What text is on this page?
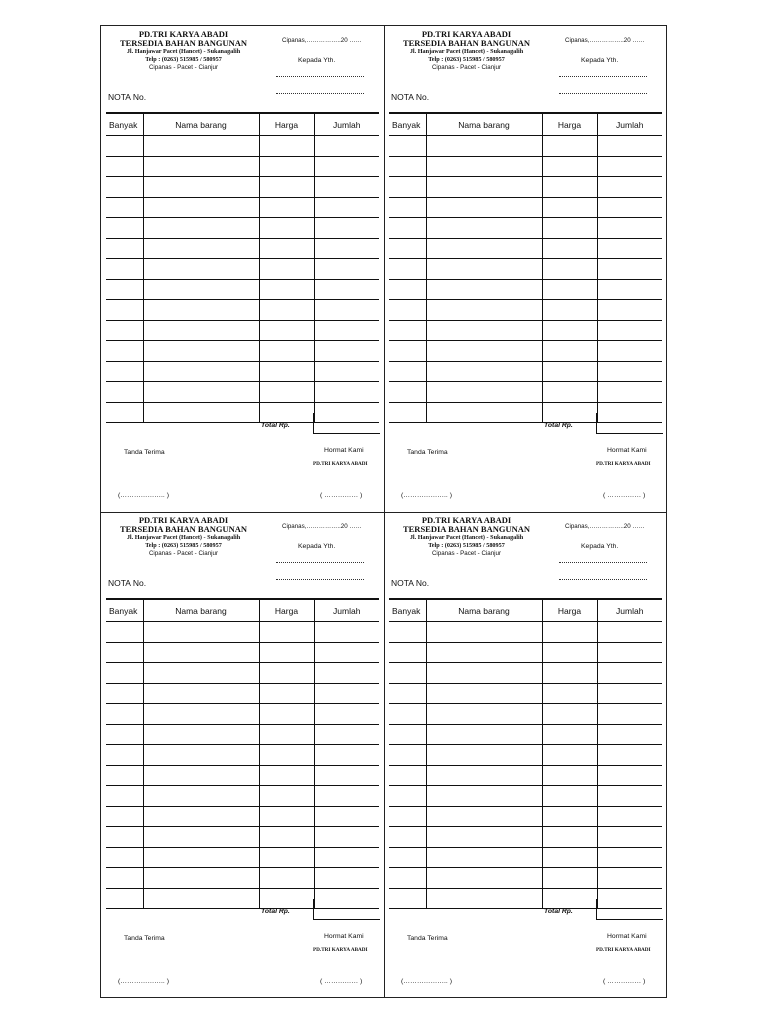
PD.TRI KARYA ABADI
TERSEDIA BAHAN BANGUNAN
Jl. Hanjawar Pacet (Hancet) - Sukanagalih
Telp : (0263) 515985 / 580957
Cipanas - Pacet - Cianjur
Cipanas,……………..20 ……
Kepada Yth.
NOTA No.
Banyak	Nama barang	Harga	Jumlah

Total Rp.
Tanda Terima	Hormat Kami
PD.TRI KARYA ABADI
(……………….. )	( …………… )
PD.TRI KARYA ABADI
TERSEDIA BAHAN BANGUNAN
Jl. Hanjawar Pacet (Hancet) - Sukanagalih
Telp : (0263) 515985 / 580957
Cipanas - Pacet - Cianjur
Cipanas,……………..20 ……
Kepada Yth.
NOTA No.
Banyak	Nama barang	Harga	Jumlah

Total Rp.
Tanda Terima	Hormat Kami
PD.TRI KARYA ABADI
(……………….. )	( …………… )
PD.TRI KARYA ABADI
TERSEDIA BAHAN BANGUNAN
Jl. Hanjawar Pacet (Hancet) - Sukanagalih
Telp : (0263) 515985 / 580957
Cipanas - Pacet - Cianjur
Cipanas,……………..20 ……
Kepada Yth.
NOTA No.
Banyak	Nama barang	Harga	Jumlah

Total Rp.
Tanda Terima	Hormat Kami
PD.TRI KARYA ABADI
(……………….. )	( …………… )
PD.TRI KARYA ABADI
TERSEDIA BAHAN BANGUNAN
Jl. Hanjawar Pacet (Hancet) - Sukanagalih
Telp : (0263) 515985 / 580957
Cipanas - Pacet - Cianjur
Cipanas,……………..20 ……
Kepada Yth.
NOTA No.
Banyak	Nama barang	Harga	Jumlah

Total Rp.
Tanda Terima	Hormat Kami
PD.TRI KARYA ABADI
(……………….. )	( …………… )
